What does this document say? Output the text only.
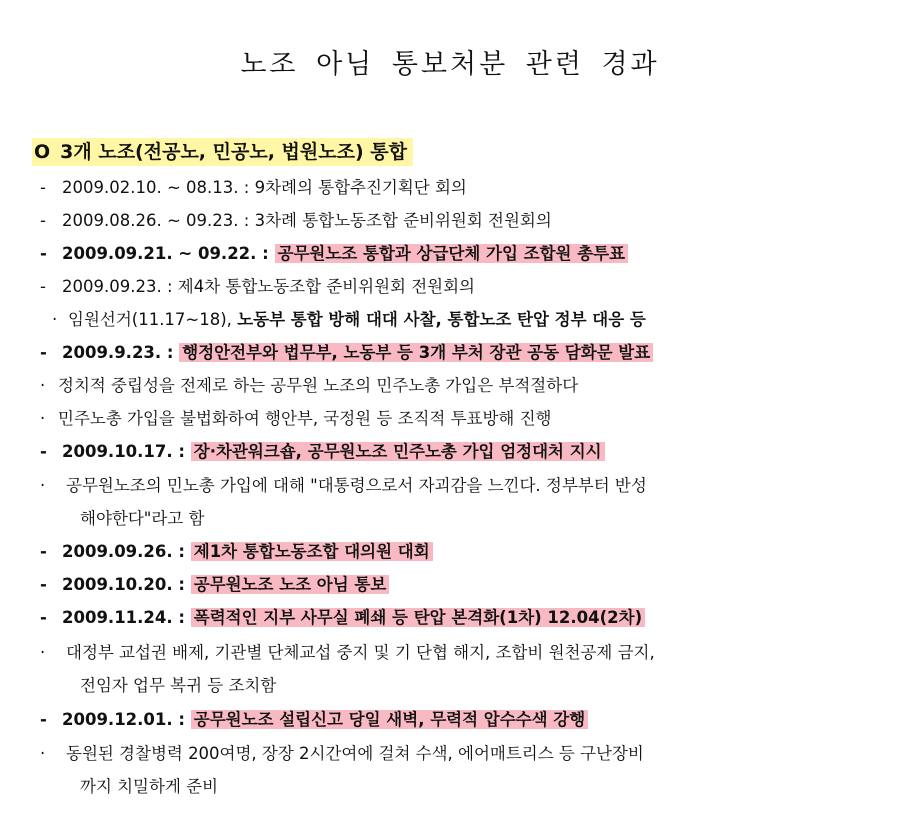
노조 아님 통보처분 관련 경과
O 3개 노조(전공노, 민공노, 법원노조) 통합
- 2009.02.10. ~ 08.13. : 9차례의 통합추진기획단 회의
- 2009.08.26. ~ 09.23. : 3차례 통합노동조합 준비위원회 전원회의
- 2009.09.21. ~ 09.22. : 공무원노조 통합과 상급단체 가입 조합원 총투표
- 2009.09.23. : 제4차 통합노동조합 준비위원회 전원회의
· 임원선거(11.17~18), 노동부 통합 방해 대대 사찰, 통합노조 탄압 정부 대응 등
- 2009.9.23. : 행정안전부와 법무부, 노동부 등 3개 부처 장관 공동 담화문 발표
· 정치적 중립성을 전제로 하는 공무원 노조의 민주노총 가입은 부적절하다
· 민주노총 가입을 불법화하여 행안부, 국정원 등 조직적 투표방해 진행
- 2009.10.17. : 장·차관워크숍, 공무원노조 민주노총 가입 엄정대처 지시
· 공무원노조의 민노총 가입에 대해 "대통령으로서 자괴감을 느낀다. 정부부터 반성
해야한다"라고 함
- 2009.09.26. : 제1차 통합노동조합 대의원 대회
- 2009.10.20. : 공무원노조 노조 아님 통보
- 2009.11.24. : 폭력적인 지부 사무실 폐쇄 등 탄압 본격화(1차) 12.04(2차)
· 대정부 교섭권 배제, 기관별 단체교섭 중지 및 기 단협 해지, 조합비 원천공제 금지,
전임자 업무 복귀 등 조치함
- 2009.12.01. : 공무원노조 설립신고 당일 새벽, 무력적 압수수색 강행
· 동원된 경찰병력 200여명, 장장 2시간여에 걸쳐 수색, 에어매트리스 등 구난장비
까지 치밀하게 준비
